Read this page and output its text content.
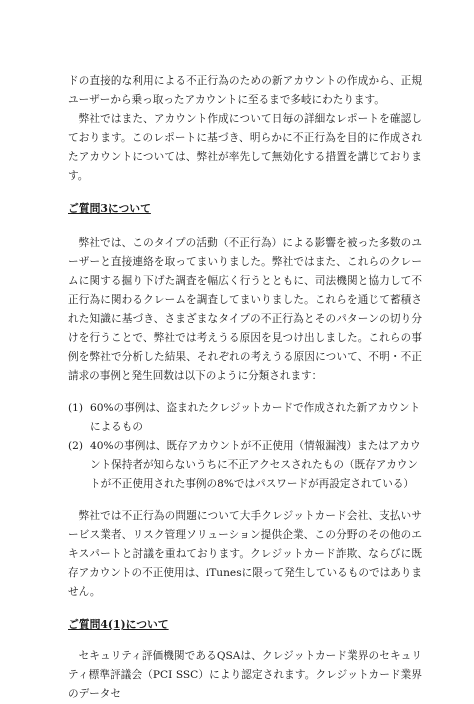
ドの直接的な利用による不正行為のための新アカウントの作成から、正規ユーザーから乗っ取ったアカウントに至るまで多岐にわたります。

弊社ではまた、アカウント作成について日毎の詳細なレポートを確認しております。このレポートに基づき、明らかに不正行為を目的に作成されたアカウントについては、弊社が率先して無効化する措置を講じております。

ご質問3について

弊社では、このタイプの活動（不正行為）による影響を被った多数のユーザーと直接連絡を取ってまいりました。弊社ではまた、これらのクレームに関する掘り下げた調査を幅広く行うとともに、司法機関と協力して不正行為に関わるクレームを調査してまいりました。これらを通じて蓄積された知識に基づき、さまざまなタイプの不正行為とそのパターンの切り分けを行うことで、弊社では考えうる原因を見つけ出しました。これらの事例を弊社で分析した結果、それぞれの考えうる原因について、不明・不正請求の事例と発生回数は以下のように分類されます：

(1) 60%の事例は、盗まれたクレジットカードで作成された新アカウントによるもの
(2) 40%の事例は、既存アカウントが不正使用（情報漏洩）またはアカウント保持者が知らないうちに不正アクセスされたもの（既存アカウントが不正使用された事例の8%ではパスワードが再設定されている）

弊社では不正行為の問題について大手クレジットカード会社、支払いサービス業者、リスク管理ソリューション提供企業、この分野のその他のエキスパートと討議を重ねております。クレジットカード詐欺、ならびに既存アカウントの不正使用は、iTunesに限って発生しているものではありません。

ご質問4(1)について

セキュリティ評価機関であるQSAは、クレジットカード業界のセキュリティ標準評議会（PCI SSC）により認定されます。クレジットカード業界のデータセ
